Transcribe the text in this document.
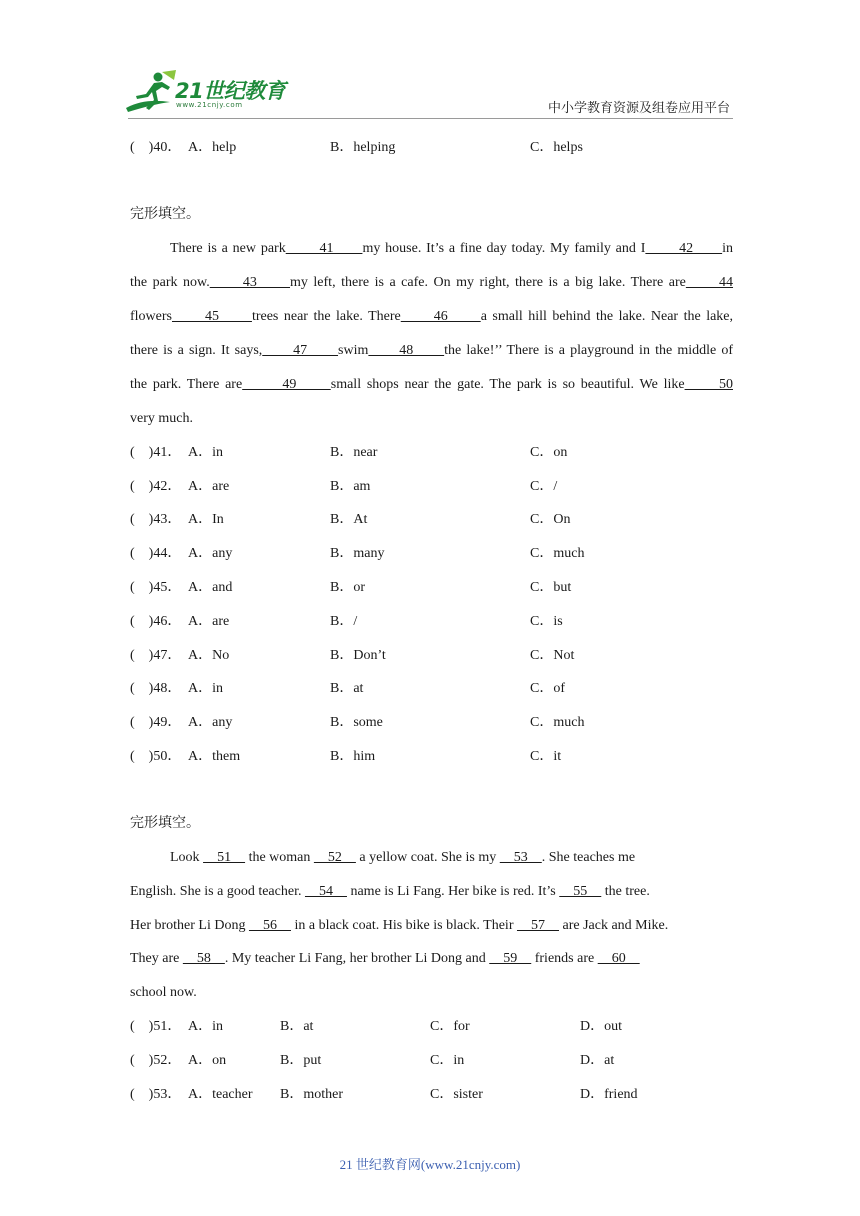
21世纪教育
www.21cnjy.com	中小学教育资源及组卷应用平台
(    )40． A．help	B．helping	C．helps
完形填空。
There is a new park       41      my house. It’s a fine day today. My family and I       42      in
the park now.      43      my left, there is a cafe. On my right, there is a big lake. There are      44
flowers      45      trees near the lake. There      46      a small hill behind the lake. Near the lake,
there is a sign. It says,      47      swim      48      the lake!’’ There is a playground in the middle of
the park. There are       49      small shops near the gate. The park is so beautiful. We like      50
very much.
(    )41． A．in	B．near	C．on
(    )42． A．are	B．am	C．/
(    )43． A．In	B．At	C．On
(    )44． A．any	B．many	C．much
(    )45． A．and	B．or	C．but
(    )46． A．are	B．/	C．is
(    )47． A．No	B．Don’t	C．Not
(    )48． A．in	B．at	C．of
(    )49． A．any	B．some	C．much
(    )50． A．them	B．him	C．it
完形填空。
Look     51     the woman     52     a yellow coat. She is my     53    . She teaches me
English. She is a good teacher.     54     name is Li Fang. Her bike is red. It’s     55     the tree.
Her brother Li Dong     56     in a black coat. His bike is black. Their     57     are Jack and Mike.
They are     58    . My teacher Li Fang, her brother Li Dong and     59     friends are     60
school now.
(    )51． A．in	B．at	C．for	D．out
(    )52． A．on	B．put	C．in	D．at
(    )53． A．teacher B．mother	C．sister	D．friend
21 世纪教育网(www.21cnjy.com)
